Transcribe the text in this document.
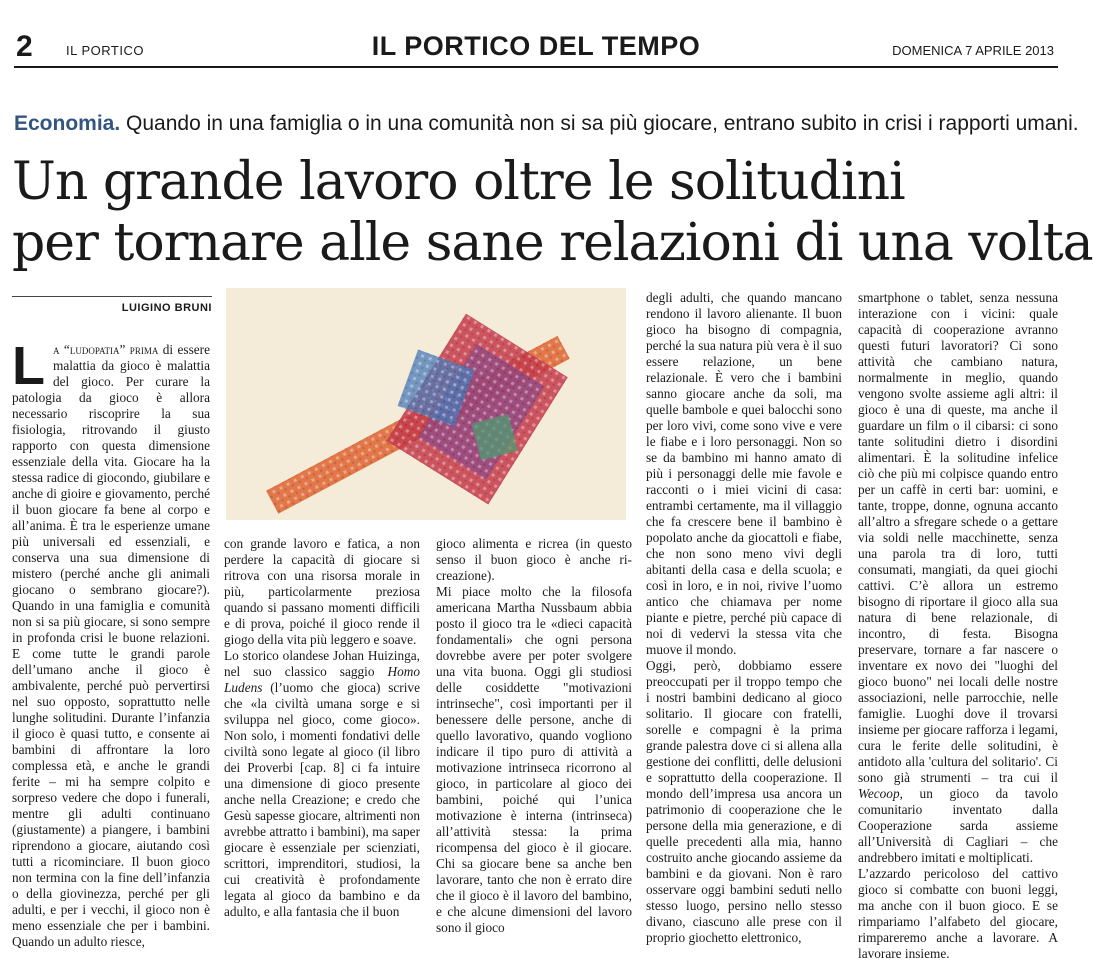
2	IL PORTICO	IL PORTICO DEL TEMPO	DOMENICA 7 APRILE 2013
Economia. Quando in una famiglia o in una comunità non si sa più giocare, entrano subito in crisi i rapporti umani.
Un grande lavoro oltre le solitudini
per tornare alle sane relazioni di una volta
LUIGINO BRUNI

La “ludopatia” prima di essere malattia da gioco è malattia del gioco. Per curare la patologia da gioco è allora necessario riscoprire la sua fisiologia, ritrovando il giusto rapporto con questa dimensione essenziale della vita. Giocare ha la stessa radice di giocondo, giubilare e anche di gioire e giovamento, perché il buon giocare fa bene al corpo e all’anima. È tra le esperienze umane più universali ed essenziali, e conserva una sua dimensione di mistero (perché anche gli animali giocano o sembrano giocare?). Quando in una famiglia e comunità non si sa più giocare, si sono sempre in profonda crisi le buone relazioni. E come tutte le grandi parole dell’umano anche il gioco è ambivalente, perché può pervertirsi nel suo opposto, soprattutto nelle lunghe solitudini. Durante l’infanzia il gioco è quasi tutto, e consente ai bambini di affrontare la loro complessa età, e anche le grandi ferite – mi ha sempre colpito e sorpreso vedere che dopo i funerali, mentre gli adulti continuano (giustamente) a piangere, i bambini riprendono a giocare, aiutando così tutti a ricominciare. Il buon gioco non termina con la fine dell’infanzia o della giovinezza, perché per gli adulti, e per i vecchi, il gioco non è meno essenziale che per i bambini. Quando un adulto riesce,

con grande lavoro e fatica, a non perdere la capacità di giocare si ritrova con una risorsa morale in più, particolarmente preziosa quando si passano momenti difficili e di prova, poiché il gioco rende il giogo della vita più leggero e soave.

Lo storico olandese Johan Huizinga, nel suo classico saggio Homo Ludens (l’uomo che gioca) scrive che «la civiltà umana sorge e si sviluppa nel gioco, come gioco». Non solo, i momenti fondativi delle civiltà sono legate al gioco (il libro dei Proverbi [cap. 8] ci fa intuire una dimensione di gioco presente anche nella Creazione; e credo che Gesù sapesse giocare, altrimenti non avrebbe attratto i bambini), ma saper giocare è essenziale per scienziati, scrittori, imprenditori, studiosi, la cui creatività è profondamente legata al gioco da bambino e da adulto, e alla fantasia che il buon

gioco alimenta e ricrea (in questo senso il buon gioco è anche ri-creazione).

Mi piace molto che la filosofa americana Martha Nussbaum abbia posto il gioco tra le «dieci capacità fondamentali» che ogni persona dovrebbe avere per poter svolgere una vita buona. Oggi gli studiosi delle cosiddette "motivazioni intrinseche", così importanti per il benessere delle persone, anche di quello lavorativo, quando vogliono indicare il tipo puro di attività a motivazione intrinseca ricorrono al gioco, in particolare al gioco dei bambini, poiché qui l’unica motivazione è interna (intrinseca) all’attività stessa: la prima ricompensa del gioco è il giocare. Chi sa giocare bene sa anche ben lavorare, tanto che non è errato dire che il gioco è il lavoro del bambino, e che alcune dimensioni del lavoro sono il gioco

degli adulti, che quando mancano rendono il lavoro alienante. Il buon gioco ha bisogno di compagnia, perché la sua natura più vera è il suo essere relazione, un bene relazionale. È vero che i bambini sanno giocare anche da soli, ma quelle bambole e quei balocchi sono per loro vivi, come sono vive e vere le fiabe e i loro personaggi. Non so se da bambino mi hanno amato di più i personaggi delle mie favole e racconti o i miei vicini di casa: entrambi certamente, ma il villaggio che fa crescere bene il bambino è popolato anche da giocattoli e fiabe, che non sono meno vivi degli abitanti della casa e della scuola; e così in loro, e in noi, rivive l’uomo antico che chiamava per nome piante e pietre, perché più capace di noi di vedervi la stessa vita che muove il mondo.

Oggi, però, dobbiamo essere preoccupati per il troppo tempo che i nostri bambini dedicano al gioco solitario. Il giocare con fratelli, sorelle e compagni è la prima grande palestra dove ci si allena alla gestione dei conflitti, delle delusioni e soprattutto della cooperazione. Il mondo dell’impresa usa ancora un patrimonio di cooperazione che le persone della mia generazione, e di quelle precedenti alla mia, hanno costruito anche giocando assieme da bambini e da giovani. Non è raro osservare oggi bambini seduti nello stesso luogo, persino nello stesso divano, ciascuno alle prese con il proprio giochetto elettronico,

smartphone o tablet, senza nessuna interazione con i vicini: quale capacità di cooperazione avranno questi futuri lavoratori? Ci sono attività che cambiano natura, normalmente in meglio, quando vengono svolte assieme agli altri: il gioco è una di queste, ma anche il guardare un film o il cibarsi: ci sono tante solitudini dietro i disordini alimentari. È la solitudine infelice ciò che più mi colpisce quando entro per un caffè in certi bar: uomini, e tante, troppe, donne, ognuna accanto all’altro a sfregare schede o a gettare via soldi nelle macchinette, senza una parola tra di loro, tutti consumati, mangiati, da quei giochi cattivi. C’è allora un estremo bisogno di riportare il gioco alla sua natura di bene relazionale, di incontro, di festa. Bisogna preservare, tornare a far nascere o inventare ex novo dei "luoghi del gioco buono" nei locali delle nostre associazioni, nelle parrocchie, nelle famiglie. Luoghi dove il trovarsi insieme per giocare rafforza i legami, cura le ferite delle solitudini, è antidoto alla 'cultura del solitario'. Ci sono già strumenti – tra cui il Wecoop, un gioco da tavolo comunitario inventato dalla Cooperazione sarda assieme all’Università di Cagliari – che andrebbero imitati e moltiplicati.

L’azzardo pericoloso del cattivo gioco si combatte con buoni leggi, ma anche con il buon gioco. E se rimpariamo l’alfabeto del giocare, rimpareremo anche a lavorare. A lavorare insieme.
